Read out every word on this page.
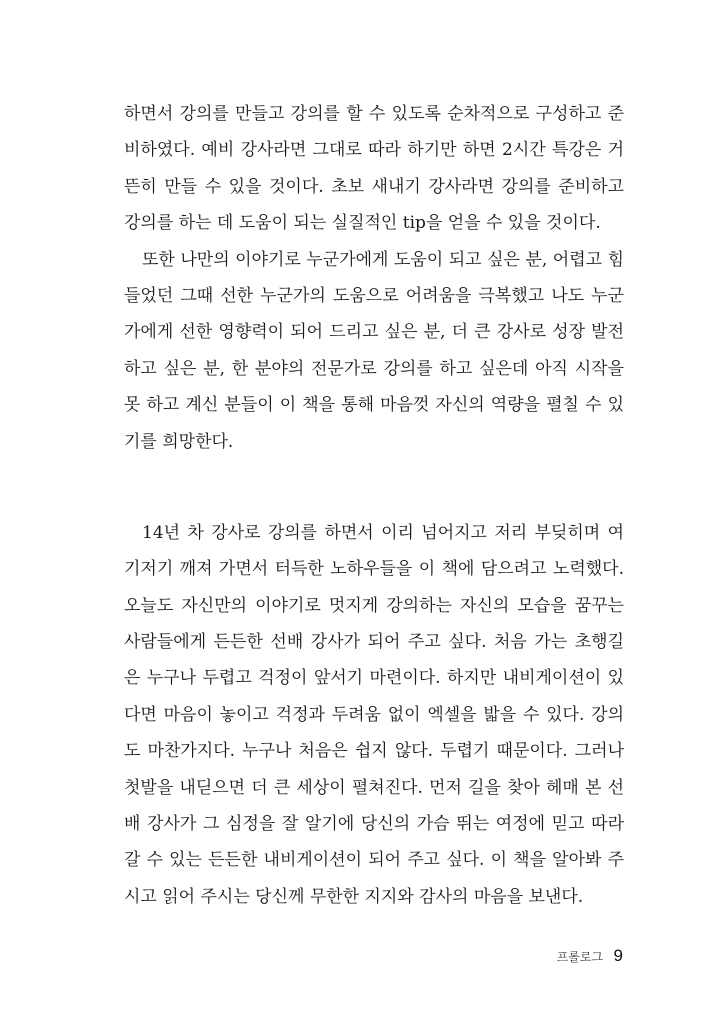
하면서 강의를 만들고 강의를 할 수 있도록 순차적으로 구성하고 준
비하였다. 예비 강사라면 그대로 따라 하기만 하면 2시간 특강은 거
뜬히 만들 수 있을 것이다. 초보 새내기 강사라면 강의를 준비하고
강의를 하는 데 도움이 되는 실질적인 tip을 얻을 수 있을 것이다.
또한 나만의 이야기로 누군가에게 도움이 되고 싶은 분, 어렵고 힘
들었던 그때 선한 누군가의 도움으로 어려움을 극복했고 나도 누군
가에게 선한 영향력이 되어 드리고 싶은 분, 더 큰 강사로 성장 발전
하고 싶은 분, 한 분야의 전문가로 강의를 하고 싶은데 아직 시작을
못 하고 계신 분들이 이 책을 통해 마음껏 자신의 역량을 펼칠 수 있
기를 희망한다.
14년 차 강사로 강의를 하면서 이리 넘어지고 저리 부딪히며 여
기저기 깨져 가면서 터득한 노하우들을 이 책에 담으려고 노력했다.
오늘도 자신만의 이야기로 멋지게 강의하는 자신의 모습을 꿈꾸는
사람들에게 든든한 선배 강사가 되어 주고 싶다. 처음 가는 초행길
은 누구나 두렵고 걱정이 앞서기 마련이다. 하지만 내비게이션이 있
다면 마음이 놓이고 걱정과 두려움 없이 엑셀을 밟을 수 있다. 강의
도 마찬가지다. 누구나 처음은 쉽지 않다. 두렵기 때문이다. 그러나
첫발을 내딛으면 더 큰 세상이 펼쳐진다. 먼저 길을 찾아 헤매 본 선
배 강사가 그 심정을 잘 알기에 당신의 가슴 뛰는 여정에 믿고 따라
갈 수 있는 든든한 내비게이션이 되어 주고 싶다. 이 책을 알아봐 주
시고 읽어 주시는 당신께 무한한 지지와 감사의 마음을 보낸다.
프롤로그 9
